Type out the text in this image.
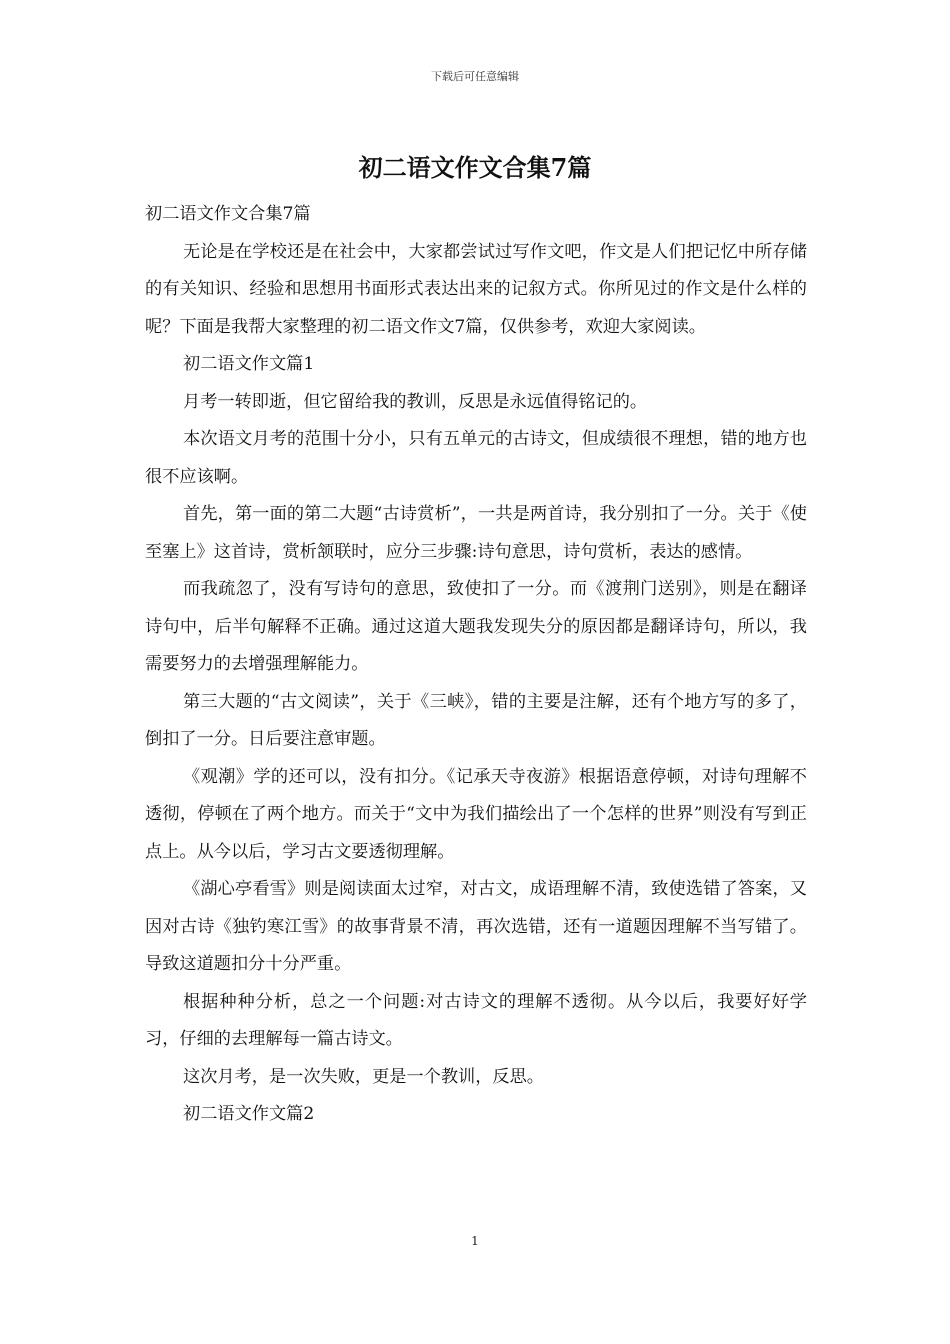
下载后可任意编辑
初二语文作文合集7篇

初二语文作文合集7篇

无论是在学校还是在社会中，大家都尝试过写作文吧，作文是人们把记忆中所存储的有关知识、经验和思想用书面形式表达出来的记叙方式。你所见过的作文是什么样的呢？下面是我帮大家整理的初二语文作文7篇，仅供参考，欢迎大家阅读。

初二语文作文篇1

月考一转即逝，但它留给我的教训，反思是永远值得铭记的。

本次语文月考的范围十分小，只有五单元的古诗文，但成绩很不理想，错的地方也很不应该啊。

首先，第一面的第二大题“古诗赏析”，一共是两首诗，我分别扣了一分。关于《使至塞上》这首诗，赏析颔联时，应分三步骤:诗句意思，诗句赏析，表达的感情。

而我疏忽了，没有写诗句的意思，致使扣了一分。而《渡荆门送别》，则是在翻译诗句中，后半句解释不正确。通过这道大题我发现失分的原因都是翻译诗句，所以，我需要努力的去增强理解能力。

第三大题的“古文阅读”，关于《三峡》，错的主要是注解，还有个地方写的多了，倒扣了一分。日后要注意审题。

《观潮》学的还可以，没有扣分。《记承天寺夜游》根据语意停顿，对诗句理解不透彻，停顿在了两个地方。而关于“文中为我们描绘出了一个怎样的世界”则没有写到正点上。从今以后，学习古文要透彻理解。

《湖心亭看雪》则是阅读面太过窄，对古文，成语理解不清，致使选错了答案，又因对古诗《独钓寒江雪》的故事背景不清，再次选错，还有一道题因理解不当写错了。导致这道题扣分十分严重。

根据种种分析，总之一个问题:对古诗文的理解不透彻。从今以后，我要好好学习，仔细的去理解每一篇古诗文。

这次月考，是一次失败，更是一个教训，反思。

初二语文作文篇2

1
